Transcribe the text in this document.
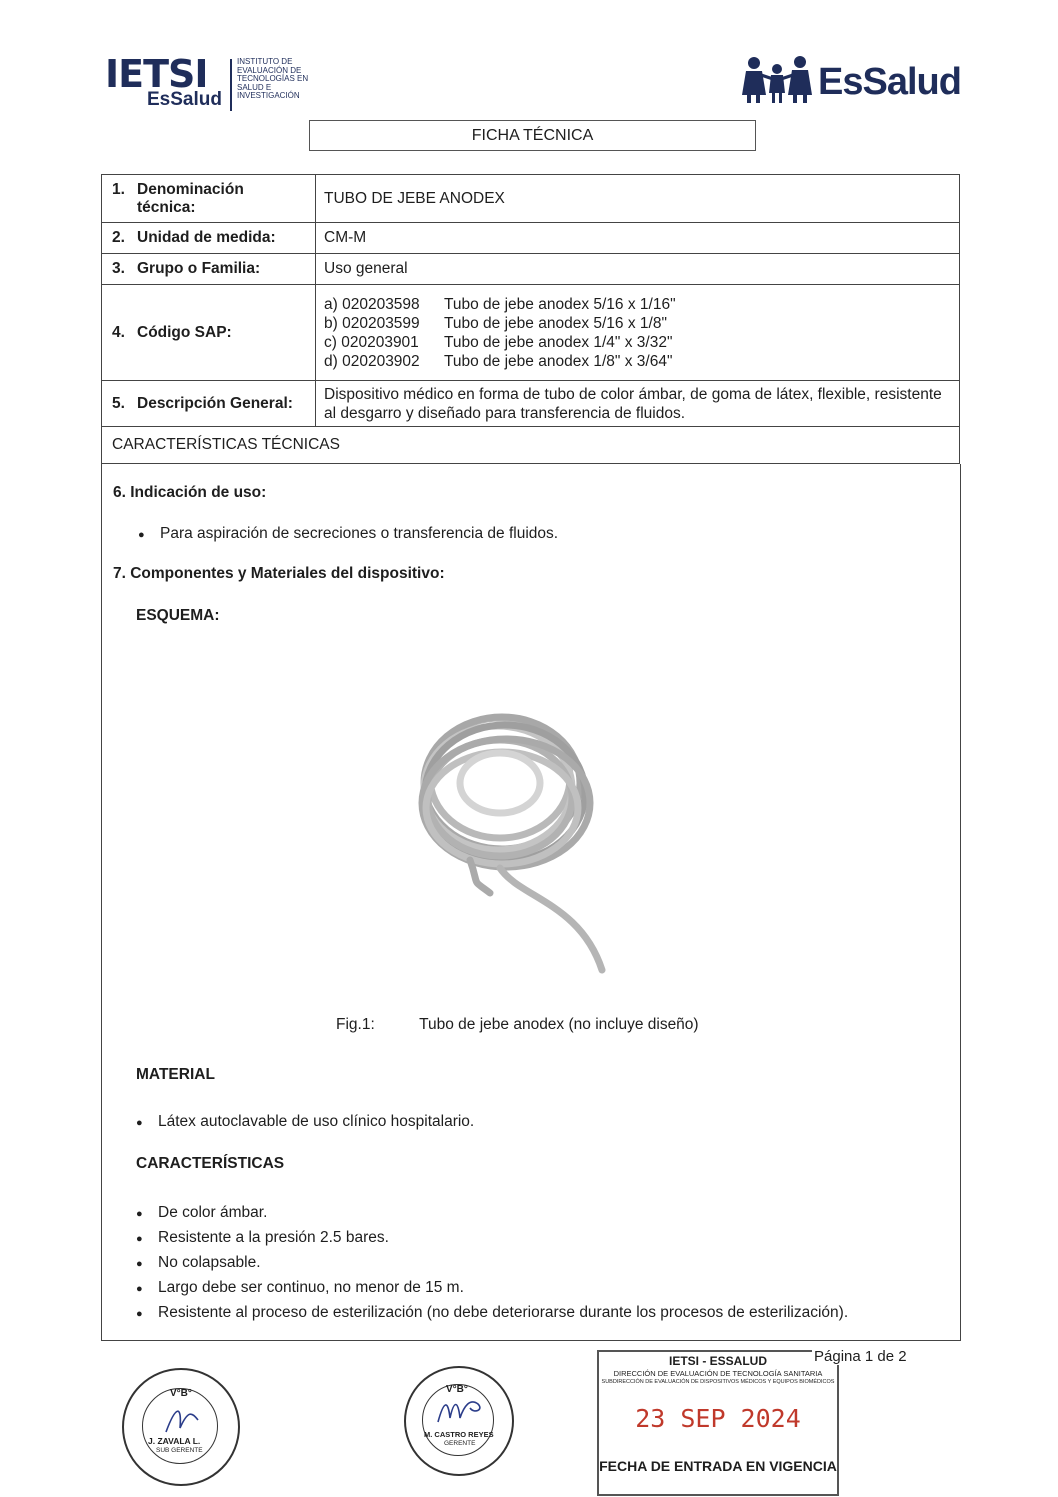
IETSI
EsSalud
INSTITUTO DE EVALUACIÓN DE TECNOLOGÍAS EN SALUD E INVESTIGACIÓN	EsSalud
FICHA TÉCNICA
1. Denominación técnica:	TUBO DE JEBE ANODEX
2. Unidad de medida:	CM-M
3. Grupo o Familia:	Uso general
4. Código SAP:	a) 020203598 Tubo de jebe anodex 5/16 x 1/16"
b) 020203599 Tubo de jebe anodex 5/16 x 1/8"
c) 020203901 Tubo de jebe anodex 1/4" x 3/32"
d) 020203902 Tubo de jebe anodex 1/8" x 3/64"

5. Descripción General:	Dispositivo médico en forma de tubo de color ámbar, de goma de látex, flexible, resistente al desgarro y diseñado para transferencia de fluidos.
CARACTERÍSTICAS TÉCNICAS	
6. Indicación de uso:
● Para aspiración de secreciones o transferencia de fluidos.
7. Componentes y Materiales del dispositivo:
ESQUEMA:
Fig.1:	Tubo de jebe anodex (no incluye diseño)
MATERIAL
● Látex autoclavable de uso clínico hospitalario.
CARACTERÍSTICAS
● De color ámbar.
● Resistente a la presión 2.5 bares.
● No colapsable.
● Largo debe ser continuo, no menor de 15 m.
● Resistente al proceso de esterilización (no debe deteriorarse durante los procesos de esterilización).
V°B°
J. ZAVALA L.
SUB GERENTE
V°B°
M. CASTRO REYES
GERENTE
IETSI - ESSALUD
DIRECCIÓN DE EVALUACIÓN DE TECNOLOGÍA SANITARIA
SUBDIRECCIÓN DE EVALUACIÓN DE DISPOSITIVOS MÉDICOS Y EQUIPOS BIOMÉDICOS
23 SEP 2024
FECHA DE ENTRADA EN VIGENCIA
Página 1 de 2
